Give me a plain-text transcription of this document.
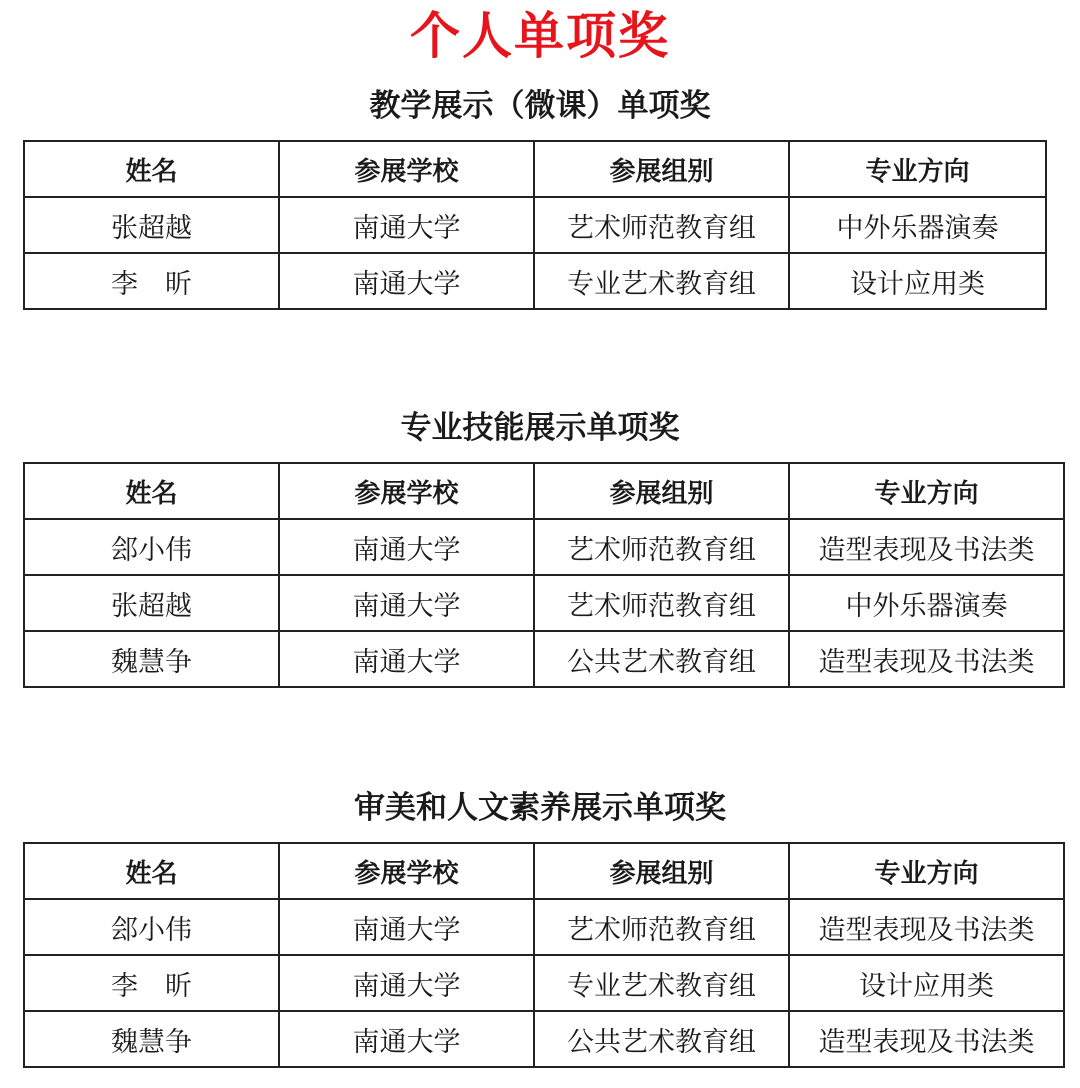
个人单项奖
教学展示（微课）单项奖
姓名	参展学校	参展组别	专业方向
张超越	南通大学	艺术师范教育组	中外乐器演奏
李　昕	南通大学	专业艺术教育组	设计应用类
专业技能展示单项奖
姓名	参展学校	参展组别	专业方向
郐小伟	南通大学	艺术师范教育组	造型表现及书法类
张超越	南通大学	艺术师范教育组	中外乐器演奏
魏慧争	南通大学	公共艺术教育组	造型表现及书法类
审美和人文素养展示单项奖
姓名	参展学校	参展组别	专业方向
郐小伟	南通大学	艺术师范教育组	造型表现及书法类
李　昕	南通大学	专业艺术教育组	设计应用类
魏慧争	南通大学	公共艺术教育组	造型表现及书法类
